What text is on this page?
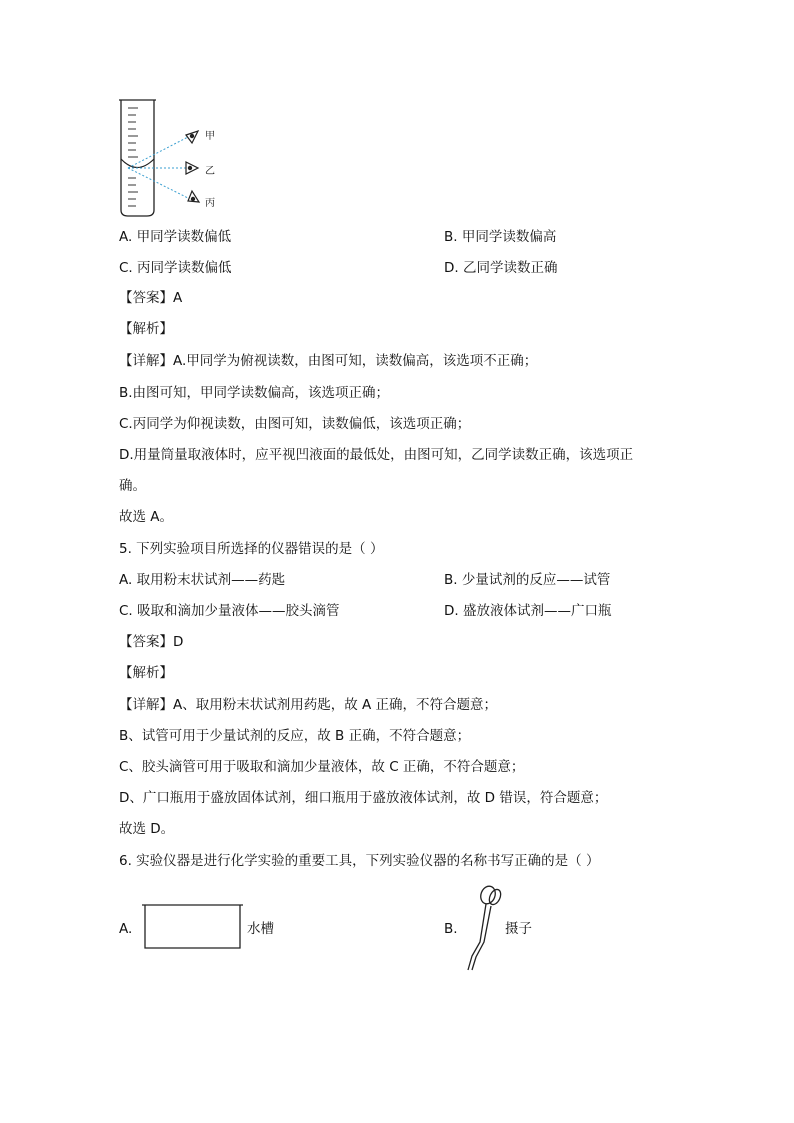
甲
乙
丙
A. 甲同学读数偏低	B. 甲同学读数偏高
C. 丙同学读数偏低	D. 乙同学读数正确
【答案】A
【解析】
【详解】A.甲同学为俯视读数，由图可知，读数偏高，该选项不正确；
B.由图可知，甲同学读数偏高，该选项正确；
C.丙同学为仰视读数，由图可知，读数偏低，该选项正确；
D.用量筒量取液体时，应平视凹液面的最低处，由图可知，乙同学读数正确，该选项正
确。
故选 A。
5. 下列实验项目所选择的仪器错误的是（ ）
A. 取用粉末状试剂——药匙	B. 少量试剂的反应——试管
C. 吸取和滴加少量液体——胶头滴管	D. 盛放液体试剂——广口瓶
【答案】D
【解析】
【详解】A、取用粉末状试剂用药匙，故 A 正确，不符合题意；
B、试管可用于少量试剂的反应，故 B 正确，不符合题意；
C、胶头滴管可用于吸取和滴加少量液体，故 C 正确，不符合题意；
D、广口瓶用于盛放固体试剂，细口瓶用于盛放液体试剂，故 D 错误，符合题意；
故选 D。
6. 实验仪器是进行化学实验的重要工具，下列实验仪器的名称书写正确的是（ ）
A.	水槽	B.	摄子
